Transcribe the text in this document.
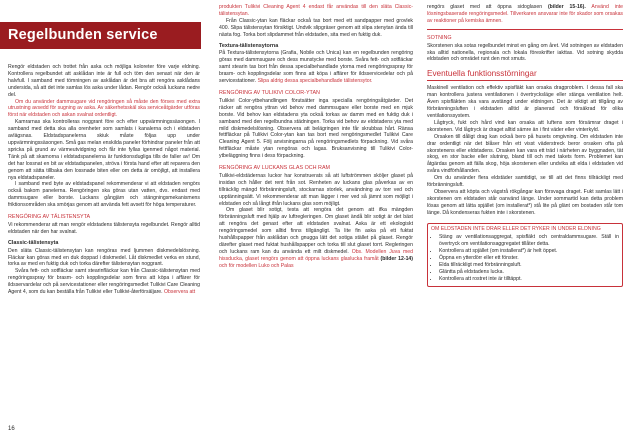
Regelbunden service

Rengör eldstaden och trottet från aska och möjliga koloreter före varje eldning. Kontrollera regelbundet att asklådan inte är full och töm den senast när den är halvfull. I samband med tömningen av asklådan är det bra att rengöra asklådans undersida, så att det inte samlas lös aska under lådan. Rengör också luckans nedre del.

Om du använder dammsugare vid rengöringen så måste den förses med extra utrustning avsedd för sugning av aska. Av säkerhetsskäl ska serviceåtgärder utföras först när eldstaden och askan svalnat ordentligt.

Kamrarnas ska kontrolleras noggrant före och efter uppvärmningssäsongen. I samband med detta ska alla orenheter som samlats i kanalerna och i eldstaden avlägsnas. Eldstadspanelerna skiuk måste följas upp under uppvärmningssäsongen. Små gas melan enskilda paneler förhindrar paneler från att spricka på grund av värmeutvidgning och får inte fyllas igenmed något material. Tänk på att skamorna i eldstadspanelerna är funktionsdugliga tills de faller av! Om det har lossnat en bit av eldstadspanelen, ströva i första hand efter att reparera den genom att sätta tillbaka den lossnade biten eller om detta är omöjligt, att installera nya eldstadspaneler.

I samband med byte av eldstadspanel rekommenderar vi att eldstaden rengörs också bakom panelerna. Rengöringen ska göras utan vatten, dvs. endast med dammsugare eller borste. Luckans gångjärn och stängningsmekanismens friktionsområden ska smörjas genom att använda fett avsett för höga temperaturer.

RENGÖRING AV TÄLISTENSYTA

Vi rekommenderar att man rengör eldstadens tälistensyta regelbundet. Rengör alltid eldstaden när den har svalnat.

Classic-tälistensyta

Den släta Classic-tälistensytan kan rengöras med ljummen diskmedelslösning. Fläckar kan göras med en duk doppad i diskmedel. Låt diskmedlet verka en stund, torka av med en fuktig duk och torka därefter tälistensytan noggrant.

Svåra fett- och sotfläckar samt stearinfläckar kan från Classic-tälistensytan med rengöringsspray för brasm- och kopplingsdelar som finns att köpa i affärer för ildsservardelar och på servicestationer eller rengöringsmedlet Tulikivi Care Cleaning Agent 4, som du kan beställa från Tulikivi eller Tulikivi-återförsäljare. Observera att

produkten Tulikivi Cleaning Agent 4 endast får användas till den släta Classic-tälistensytan.

Från Classic-ytan kan fläckar också tas bort med ett sandpapper med grovlek 400. Slipa tälistensytan försiktigt. Undvik slipgräser genom att slipa stenytan ända till nästa fog. Torka bort slipdammet från eldstaden, sita med en fuktig duk.

Textura-tälistensytorna

På Textura-tälistensytorna (Grafia, Nobile och Unica) kan en regelbunden rengöring göras med dammsugare och dess munstycke med borste. Svåra fett- och sotfläckar samt stearin tas bort från dessa specialbehandlade ytorna med rengöringsspray för brasm- och kopplingsdelar som finns att köpa i affärer för ildsservicedelar och på servicestationer. Slipa aldrig dessa specialbehandlade tälistensytor.

RENGÖRING AV TULIKIVI COLOR-YTAN

Tulikivi Color-ytbehandlingen förutsätter inga specialla rengöringsåtgärder. Det räcker att rengöra yttran vid behov med dammsugare eller borste med en mjuk borste. Vid behov kan eldstadens yta också torkas av damm med en fuktig duk i samband med den regelbundna städningen. Torka vid behov av eldstadens yta med mild diskmedelslösning. Observera att belägringen inte får skrubbas hårt. Ränsa fettfläckar på Tulikivi Color-ytan kan tas bort med rengöringsmedlet Tulikivi Care Cleaning Agent 5. Följ anvisningarna på rengöringsmedlets förpackning. Vid svåra fettfläckar måste ytan rengöras och lagas. Bruksanvisning till Tulikivi Color-ytbeläggning finns i dess förpackning.

RENGÖRING AV LUCKANS GLAS OCH RAM

Tulikivi-eldstädernas luckor har konstruerats så att luftströmmen sköljer glaset på insidan och håller det rent från sot. Renheten av luckans glas påverkas av en tillräcklig mängd förbränningsluft, stockarnas storlek, användning av torr ved och upptänningsätt. Vi rekommenderar att man lägger i mer ved så jämnt som möjligt i eldstaden och så långt ifrån luckans glas som möjligt.

Om glaset blir sotigt, testa att rengöra det genom att ifka mängden förbränningsluft med hjälp av luftregleringen. Om glaset ändå blir sotigt är det bäst att rengöra det genast efter att eldstaden svalnat. Aska är ett ekologiskt rengöringsmedel som alltid finns tillgängligt. Ta lite fin aska på ett fuktat hushållspapper från asklådan och gnugga lätt det sotiga stället på glaset. Rengör därefter glaset med fuktat hushållspapper och torka till slut glaset torrt. Regleringen och luckans ram kan du använda ett milt diskmedel. Obs. Modellen Juva med hissducka, glaset rengörs genom att öppna luckans glaslucka framåt (bilder 12-14) och för modellen Luko och Palas

rengörs glaset med att öppna sidoglasen (bilder 15-16). Använd inte lösningsbaserade rengöringsmedel. Tillverkaren ansvarar inte för skador som orsakas av reaktioner på kemiska ämnen.

SOTNING

Skorstenen ska sotas regelbundet minst en gång om året. Vid sotningen av eldstaden ska alltid nationella, regionala och lokala föreskrifter iakttas. Vid sotning skydda eldstaden och omrädet runt den mot smuts.

Eventuella funktionsstörningar

Maskinell ventilation och effektiv spisfläkt kan orsaka dragproblem. I dessa fall ska man kontrollera justera ventilationen i övertrycksläge eller stänga ventilation helt. Även spisfläkten ska vara avstängd under eldningen. Det är viktigt att tillgång av förbränningsluften i eldstaden alltid är planerad och försäkrad för olika ventilationssystem.

Lågtryck, fukt och hård vind kan orsaka att luftens som försämrar draget i skorstenen. Vid lågtryck är draget alltid sämre än i fint väder eller vinterkyld.

Orsaken till dåligt drag kan också bero på husets omgivning. Om eldstaden inte drar ordentligt när det blåser från ett visst väderstreck beror orsaken ofta på skorstenens eller eldstadens. Orsaken kan vara ett träd i närheten av byggnaden, tät skog, en stor backe eller slutning, bland till och med takets form. Problemet kan åtgärdas genom att fälla skog, höja skorstenen eller undvika att elda i eldstaden vid svåra vindförhållanden.

Om du använder flera eldstäder samtidigt, se till att det finns tillräckligt med förbränningsluft.

Observera att köpta och vägstrå rökgångar kan försvaga draget. Fukt samlas lätt i skorstenen om eldstaden står oanvänd länge. Under sommartid kan detta problem lösas genom att lätta spjället (om installerat*) stå lite på glänt om bostaden står tom länge. Då kondenseras fukten inte i skorstenen.

OM ELDSTADEN INTE DRAR ELLER DET RYKER IN UNDER ELDNING
• Stäng av ventilationsaggregat, spisfläkt och centraldammsugare. Ställ in övertryck om ventilationsaggregatet tillåter detta.
• Kontrollera att spjället (om installerat*) är helt öppet.
• Öppna en ytterdörr eller ett fönster.
• Elda tillräckligt med förbränningsluft.
• Gläntta på eldstadens lucka.
• Kontrollera att rostret inte är tilltäppt.
16
